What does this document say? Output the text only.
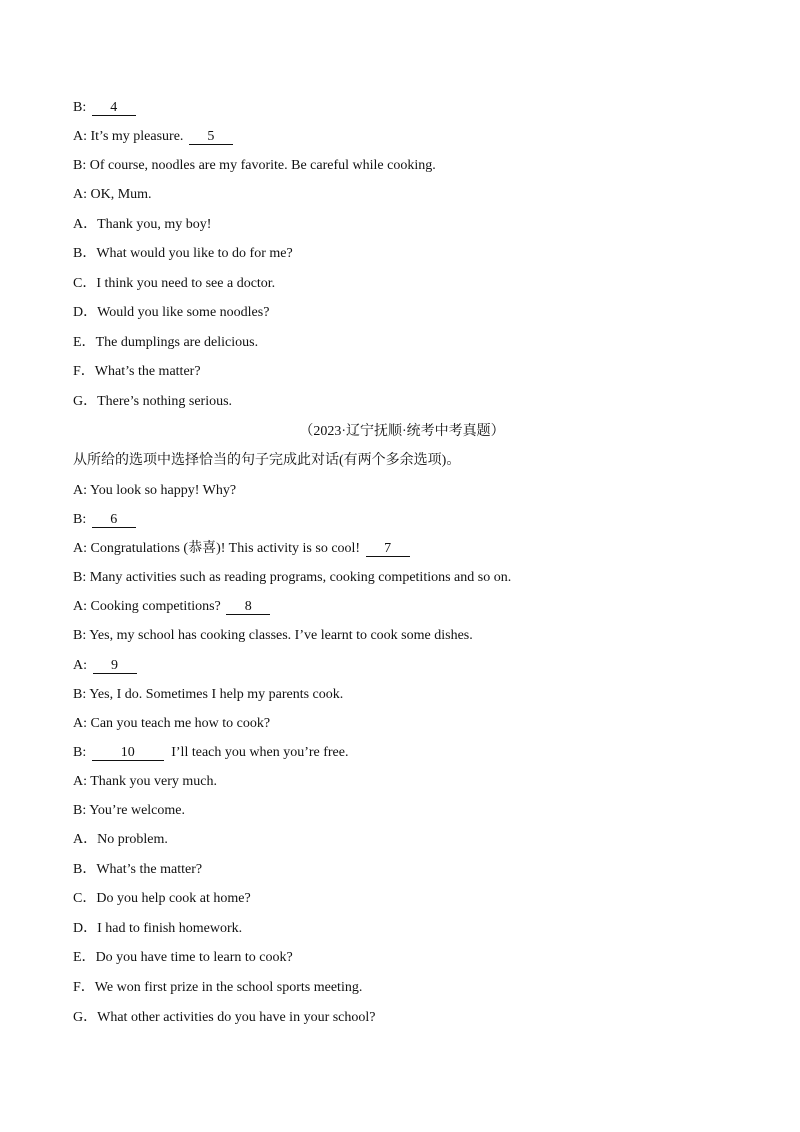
B: 4
A: It’s my pleasure. 5
B: Of course, noodles are my favorite. Be careful while cooking.
A: OK, Mum.
A．Thank you, my boy!
B．What would you like to do for me?
C．I think you need to see a doctor.
D．Would you like some noodles?
E．The dumplings are delicious.
F．What’s the matter?
G．There’s nothing serious.
（2023·辽宁抚顺·统考中考真题）
从所给的选项中选择恰当的句子完成此对话(有两个多余选项)。
A: You look so happy! Why?
B: 6
A: Congratulations (恭喜)! This activity is so cool! 7
B: Many activities such as reading programs, cooking competitions and so on.
A: Cooking competitions? 8
B: Yes, my school has cooking classes. I’ve learnt to cook some dishes.
A: 9
B: Yes, I do. Sometimes I help my parents cook.
A: Can you teach me how to cook?
B: 10	I’ll teach you when you’re free.
A: Thank you very much.
B: You’re welcome.
A．No problem.
B．What’s the matter?
C．Do you help cook at home?
D．I had to finish homework.
E．Do you have time to learn to cook?
F．We won first prize in the school sports meeting.
G．What other activities do you have in your school?
